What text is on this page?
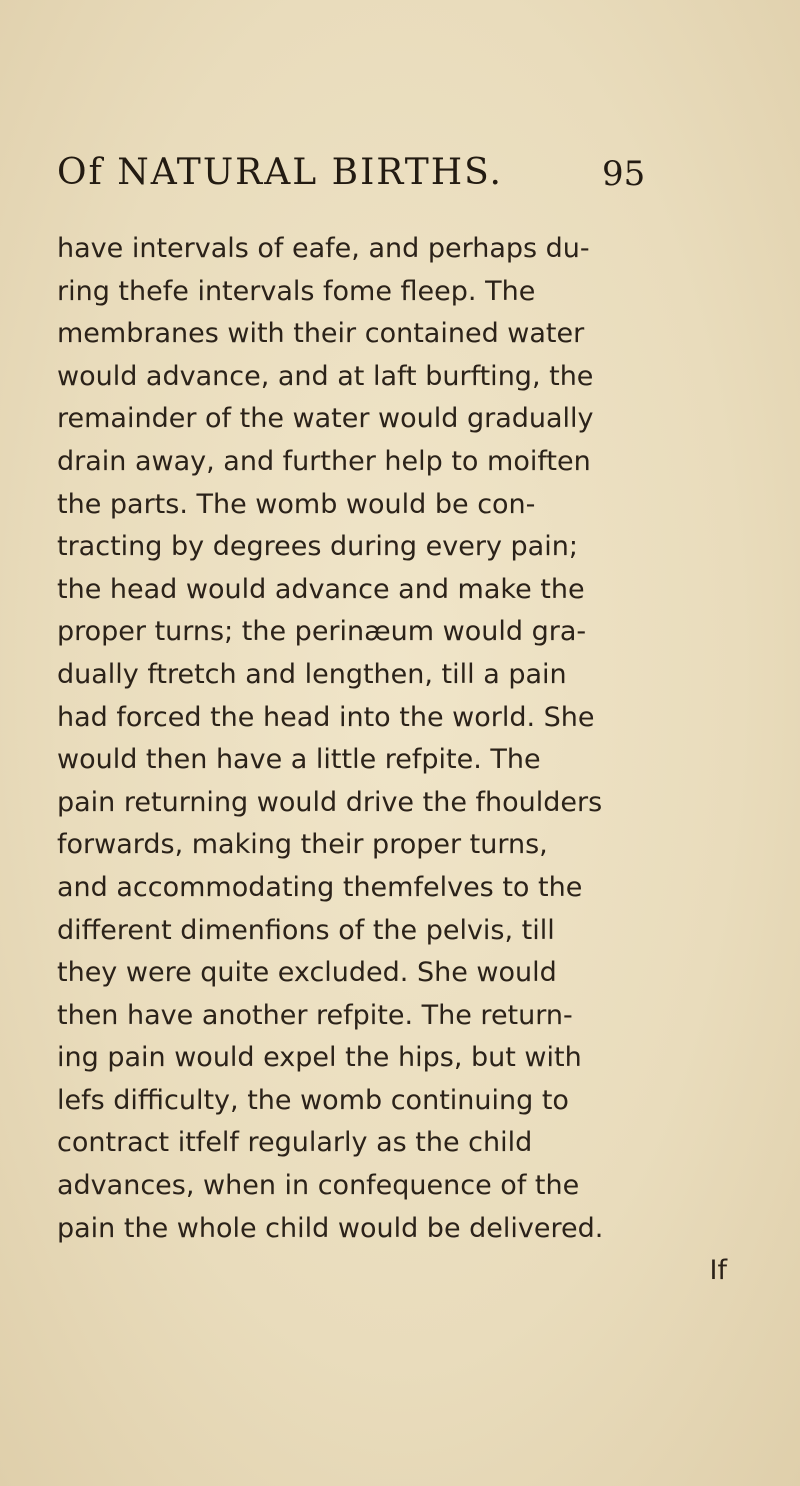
Of NATURAL BIRTHS.	95
have intervals of eafe, and perhaps du-
ring thefe intervals fome fleep. The
membranes with their contained water
would advance, and at laft burfting, the
remainder of the water would gradually
drain away, and further help to moiften
the parts. The womb would be con-
tracting by degrees during every pain;
the head would advance and make the
proper turns; the perinæum would gra-
dually ftretch and lengthen, till a pain
had forced the head into the world. She
would then have a little refpite. The
pain returning would drive the fhoulders
forwards, making their proper turns,
and accommodating themfelves to the
different dimenfions of the pelvis, till
they were quite excluded. She would
then have another refpite. The return-
ing pain would expel the hips, but with
lefs difficulty, the womb continuing to
contract itfelf regularly as the child
advances, when in confequence of the
pain the whole child would be delivered.
If
